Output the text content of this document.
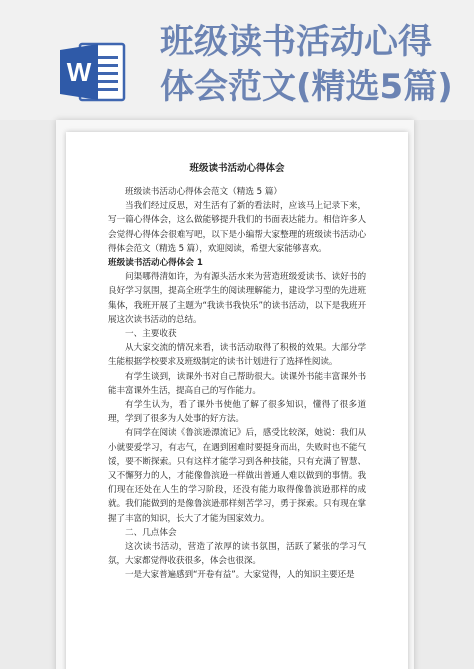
W
班级读书活动心得
体会范文(精选5篇)
班级读书活动心得体会
班级读书活动心得体会范文（精选 5 篇）
当我们经过反思，对生活有了新的看法时，应该马上记录下来，写一篇心得体会，这么做能够提升我们的书面表达能力。相信许多人会觉得心得体会很难写吧，以下是小编帮大家整理的班级读书活动心得体会范文（精选 5 篇），欢迎阅读，希望大家能够喜欢。
班级读书活动心得体会 1
问渠哪得清如许，为有源头活水来为营造班级爱读书、读好书的良好学习氛围，提高全班学生的阅读理解能力，建设学习型的先进班集体，我班开展了主题为“我读书我快乐”的读书活动，以下是我班开展这次读书活动的总结。
一、主要收获
从大家交流的情况来看，读书活动取得了积极的效果。大部分学生能根据学校要求及班级制定的读书计划进行了选择性阅读。
有学生谈到，读课外书对自己帮助很大。读课外书能丰富课外书能丰富课外生活，提高自己的写作能力。
有学生认为，看了课外书使他了解了很多知识，懂得了很多道理，学到了很多为人处事的好方法。
有同学在阅读《鲁滨逊漂流记》后，感受比较深，她说：我们从小就要爱学习，有志气，在遇到困难时要挺身而出，失败时也不能气馁，要不断探索。只有这样才能学习到各种技能，只有充满了智慧、又不懈努力的人，才能像鲁滨逊一样做出普通人难以做到的事情。我们现在还处在人生的学习阶段，还没有能力取得像鲁滨逊那样的成就。我们能做到的是像鲁滨逊那样刻苦学习，勇于探索。只有现在掌握了丰富的知识，长大了才能为国家效力。
二、几点体会
这次读书活动，营造了浓厚的读书氛围，活跃了紧张的学习气氛，大家都觉得收获很多，体会也很深。
一是大家普遍感到“开卷有益”。大家觉得，人的知识主要还是
